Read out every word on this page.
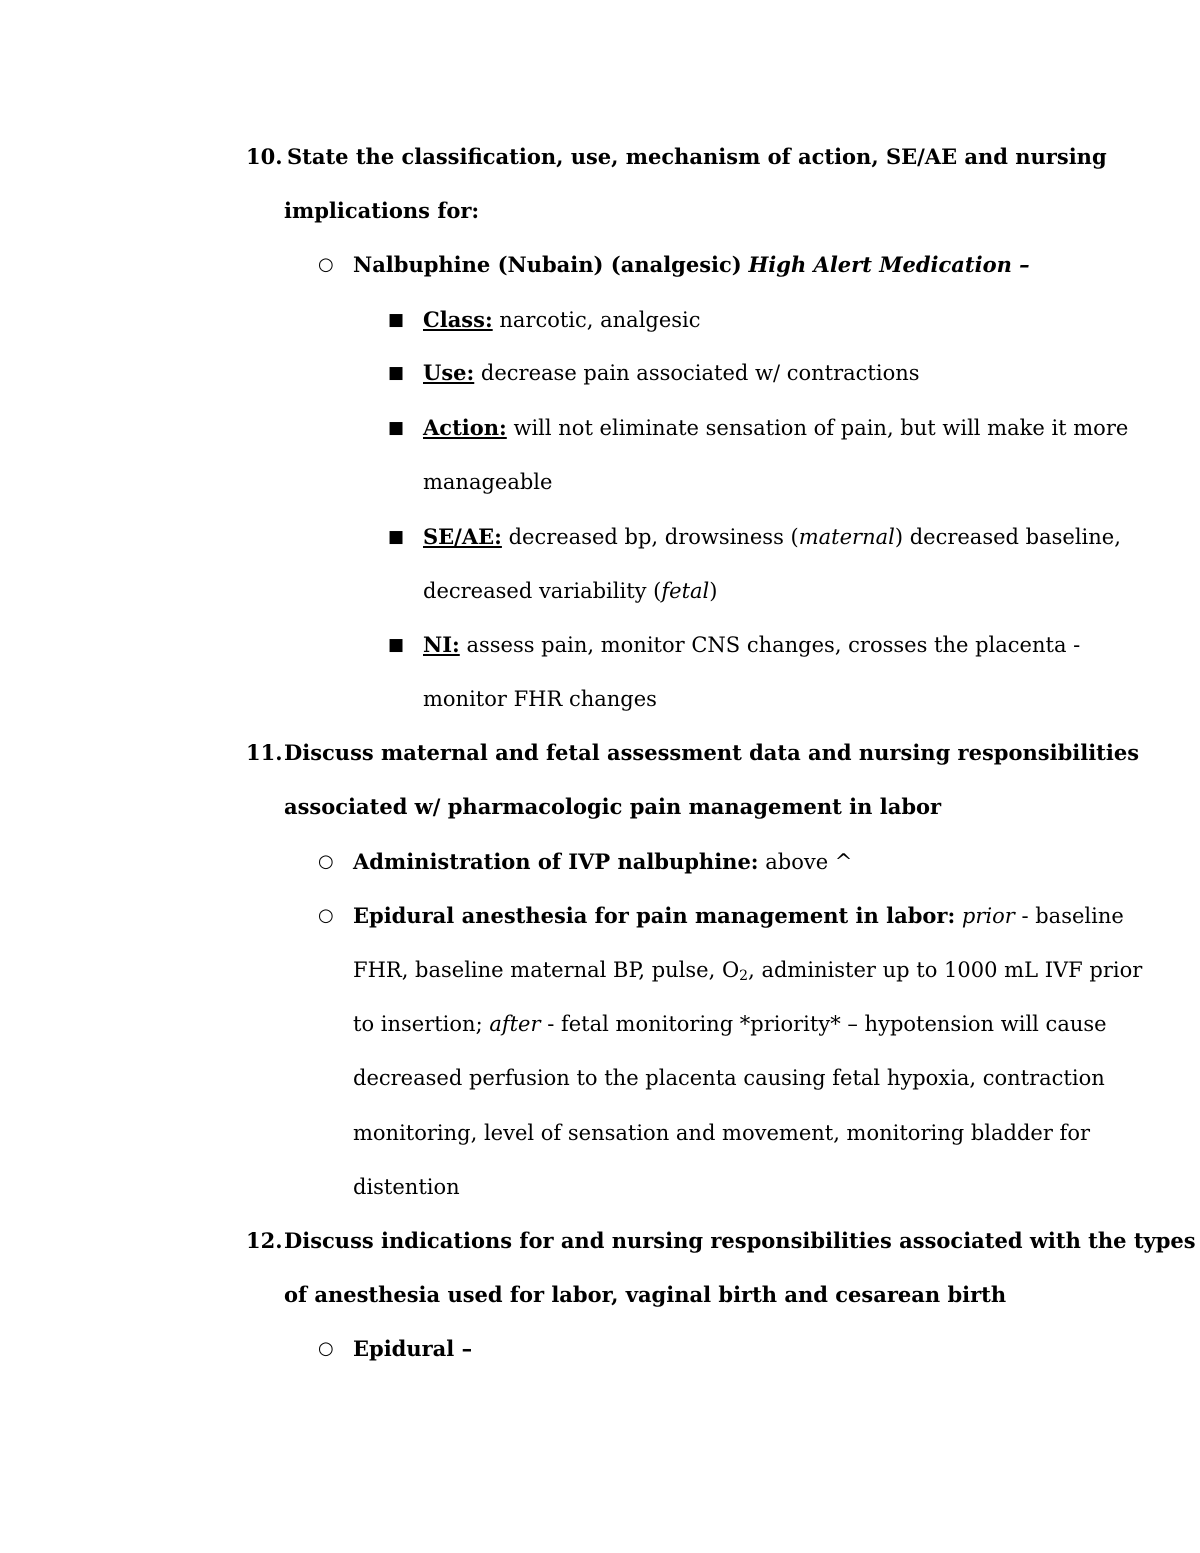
10. State the classification, use, mechanism of action, SE/AE and nursing
implications for:
○ Nalbuphine (Nubain) (analgesic) High Alert Medication –
■ Class: narcotic, analgesic
■ Use: decrease pain associated w/ contractions
■ Action: will not eliminate sensation of pain, but will make it more
manageable
■ SE/AE: decreased bp, drowsiness (maternal) decreased baseline,
decreased variability (fetal)
■ NI: assess pain, monitor CNS changes, crosses the placenta -
monitor FHR changes
11. Discuss maternal and fetal assessment data and nursing responsibilities
associated w/ pharmacologic pain management in labor
○ Administration of IVP nalbuphine: above ^
○ Epidural anesthesia for pain management in labor: prior - baseline
FHR, baseline maternal BP, pulse, $O_2$, administer up to 1000 mL IVF prior
to insertion; after - fetal monitoring *priority* – hypotension will cause
decreased perfusion to the placenta causing fetal hypoxia, contraction
monitoring, level of sensation and movement, monitoring bladder for
distention
12. Discuss indications for and nursing responsibilities associated with the types
of anesthesia used for labor, vaginal birth and cesarean birth
○ Epidural –
